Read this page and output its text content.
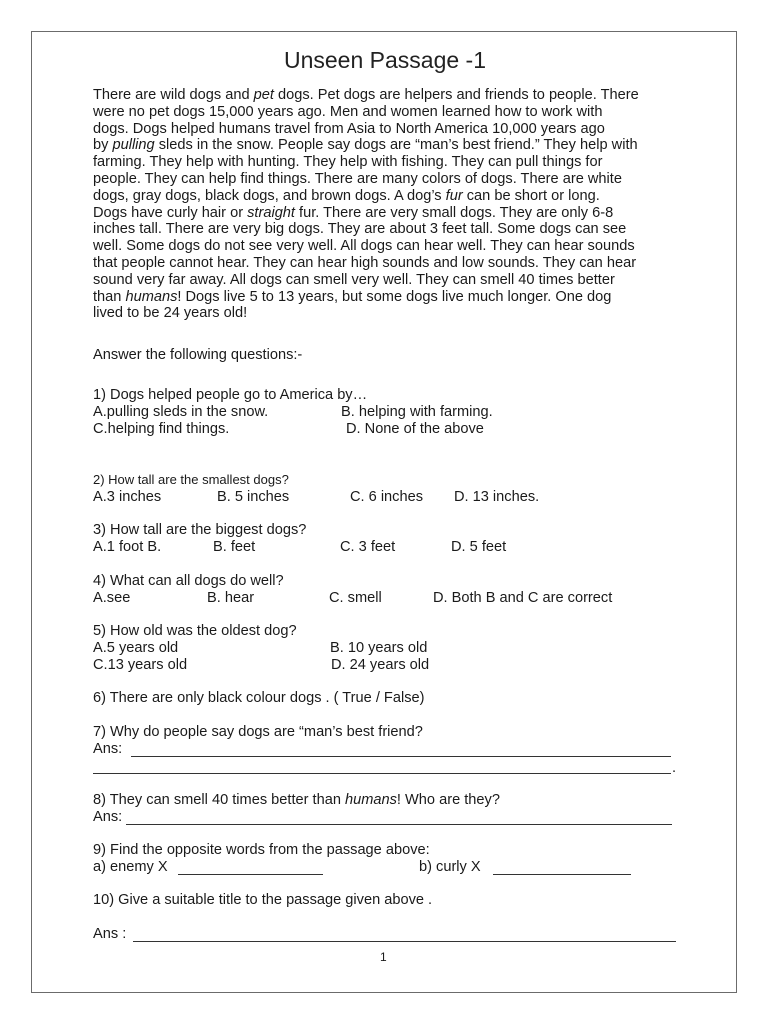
Unseen Passage -1
There are wild dogs and pet dogs. Pet dogs are helpers and friends to people. There
were no pet dogs 15,000 years ago. Men and women learned how to work with
dogs. Dogs helped humans travel from Asia to North America 10,000 years ago
by pulling sleds in the snow. People say dogs are “man’s best friend.” They help with
farming. They help with hunting. They help with fishing. They can pull things for
people. They can help find things. There are many colors of dogs. There are white
dogs, gray dogs, black dogs, and brown dogs. A dog’s fur can be short or long.
Dogs have curly hair or straight fur. There are very small dogs. They are only 6-8
inches tall. There are very big dogs. They are about 3 feet tall. Some dogs can see
well. Some dogs do not see very well. All dogs can hear well. They can hear sounds
that people cannot hear. They can hear high sounds and low sounds. They can hear
sound very far away. All dogs can smell very well. They can smell 40 times better
than humans! Dogs live 5 to 13 years, but some dogs live much longer. One dog
lived to be 24 years old!
Answer the following questions:-
1) Dogs helped people go to America by…
A.pulling sleds in the snow.	B. helping with farming.
C.helping find things.	D. None of the above
2) How tall are the smallest dogs?
A.3 inches	B. 5 inches	C. 6 inches D. 13 inches.
3) How tall are the biggest dogs?
A.1 foot B.	B. feet	C. 3 feet	D. 5 feet
4) What can all dogs do well?
A.see	B. hear	C. smell	D. Both B and C are correct
5) How old was the oldest dog?
A.5 years old	B. 10 years old
C.13 years old	D. 24 years old
6) There are only black colour dogs . ( True / False)
7) Why do people say dogs are “man’s best friend?
Ans:
.
8) They can smell 40 times better than humans! Who are they?
Ans:
9) Find the opposite words from the passage above:
a) enemy X	b) curly X
10) Give a suitable title to the passage given above .
Ans :
1
